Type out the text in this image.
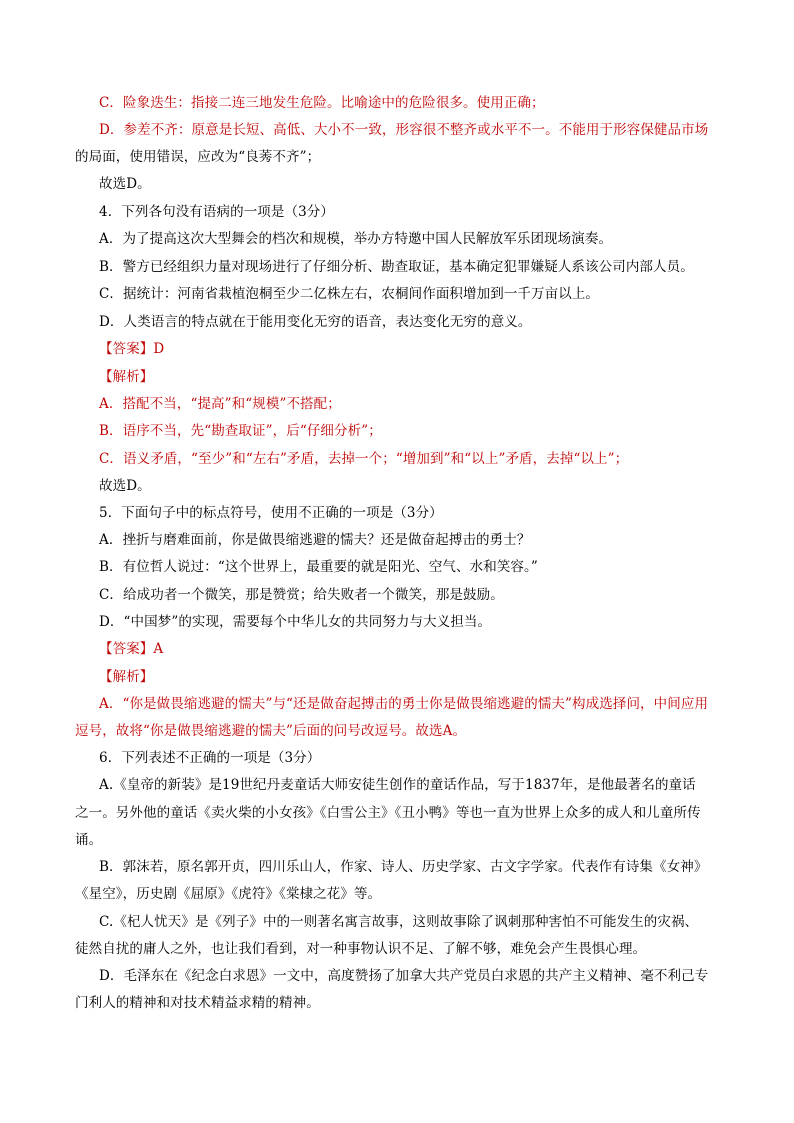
C．险象迭生：指接二连三地发生危险。比喻途中的危险很多。使用正确；
D．参差不齐：原意是长短、高低、大小不一致，形容很不整齐或水平不一。不能用于形容保健品市场
的局面，使用错误，应改为“良莠不齐”；
故选D。
4．下列各句没有语病的一项是（3分）
A．为了提高这次大型舞会的档次和规模，举办方特邀中国人民解放军乐团现场演奏。
B．警方已经组织力量对现场进行了仔细分析、勘查取证，基本确定犯罪嫌疑人系该公司内部人员。
C．据统计：河南省栽植泡桐至少二亿株左右，农桐间作面积增加到一千万亩以上。
D．人类语言的特点就在于能用变化无穷的语音，表达变化无穷的意义。
【答案】D
【解析】
A．搭配不当，“提高”和“规模”不搭配；
B．语序不当，先“勘查取证”，后“仔细分析”；
C．语义矛盾，“至少”和“左右”矛盾，去掉一个；“增加到”和“以上”矛盾，去掉“以上”；
故选D。
5．下面句子中的标点符号，使用不正确的一项是（3分）
A．挫折与磨难面前，你是做畏缩逃避的懦夫？还是做奋起搏击的勇士？
B．有位哲人说过：“这个世界上，最重要的就是阳光、空气、水和笑容。”
C．给成功者一个微笑，那是赞赏；给失败者一个微笑，那是鼓励。
D．“中国梦”的实现，需要每个中华儿女的共同努力与大义担当。
【答案】A
【解析】
A．“你是做畏缩逃避的懦夫”与“还是做奋起搏击的勇士你是做畏缩逃避的懦夫”构成选择问，中间应用
逗号，故将“你是做畏缩逃避的懦夫”后面的问号改逗号。故选A。
6．下列表述不正确的一项是（3分）
A.《皇帝的新装》是19世纪丹麦童话大师安徒生创作的童话作品，写于1837年，是他最著名的童话
之一。另外他的童话《卖火柴的小女孩》《白雪公主》《丑小鸭》等也一直为世界上众多的成人和儿童所传
诵。
B．郭沫若，原名郭开贞，四川乐山人，作家、诗人、历史学家、古文字学家。代表作有诗集《女神》
《星空》，历史剧《屈原》《虎符》《棠棣之花》等。
C.《杞人忧天》是《列子》中的一则著名寓言故事，这则故事除了讽刺那种害怕不可能发生的灾祸、
徒然自扰的庸人之外，也让我们看到，对一种事物认识不足、了解不够，难免会产生畏惧心理。
D．毛泽东在《纪念白求恩》一文中，高度赞扬了加拿大共产党员白求恩的共产主义精神、毫不利己专
门利人的精神和对技术精益求精的精神。
